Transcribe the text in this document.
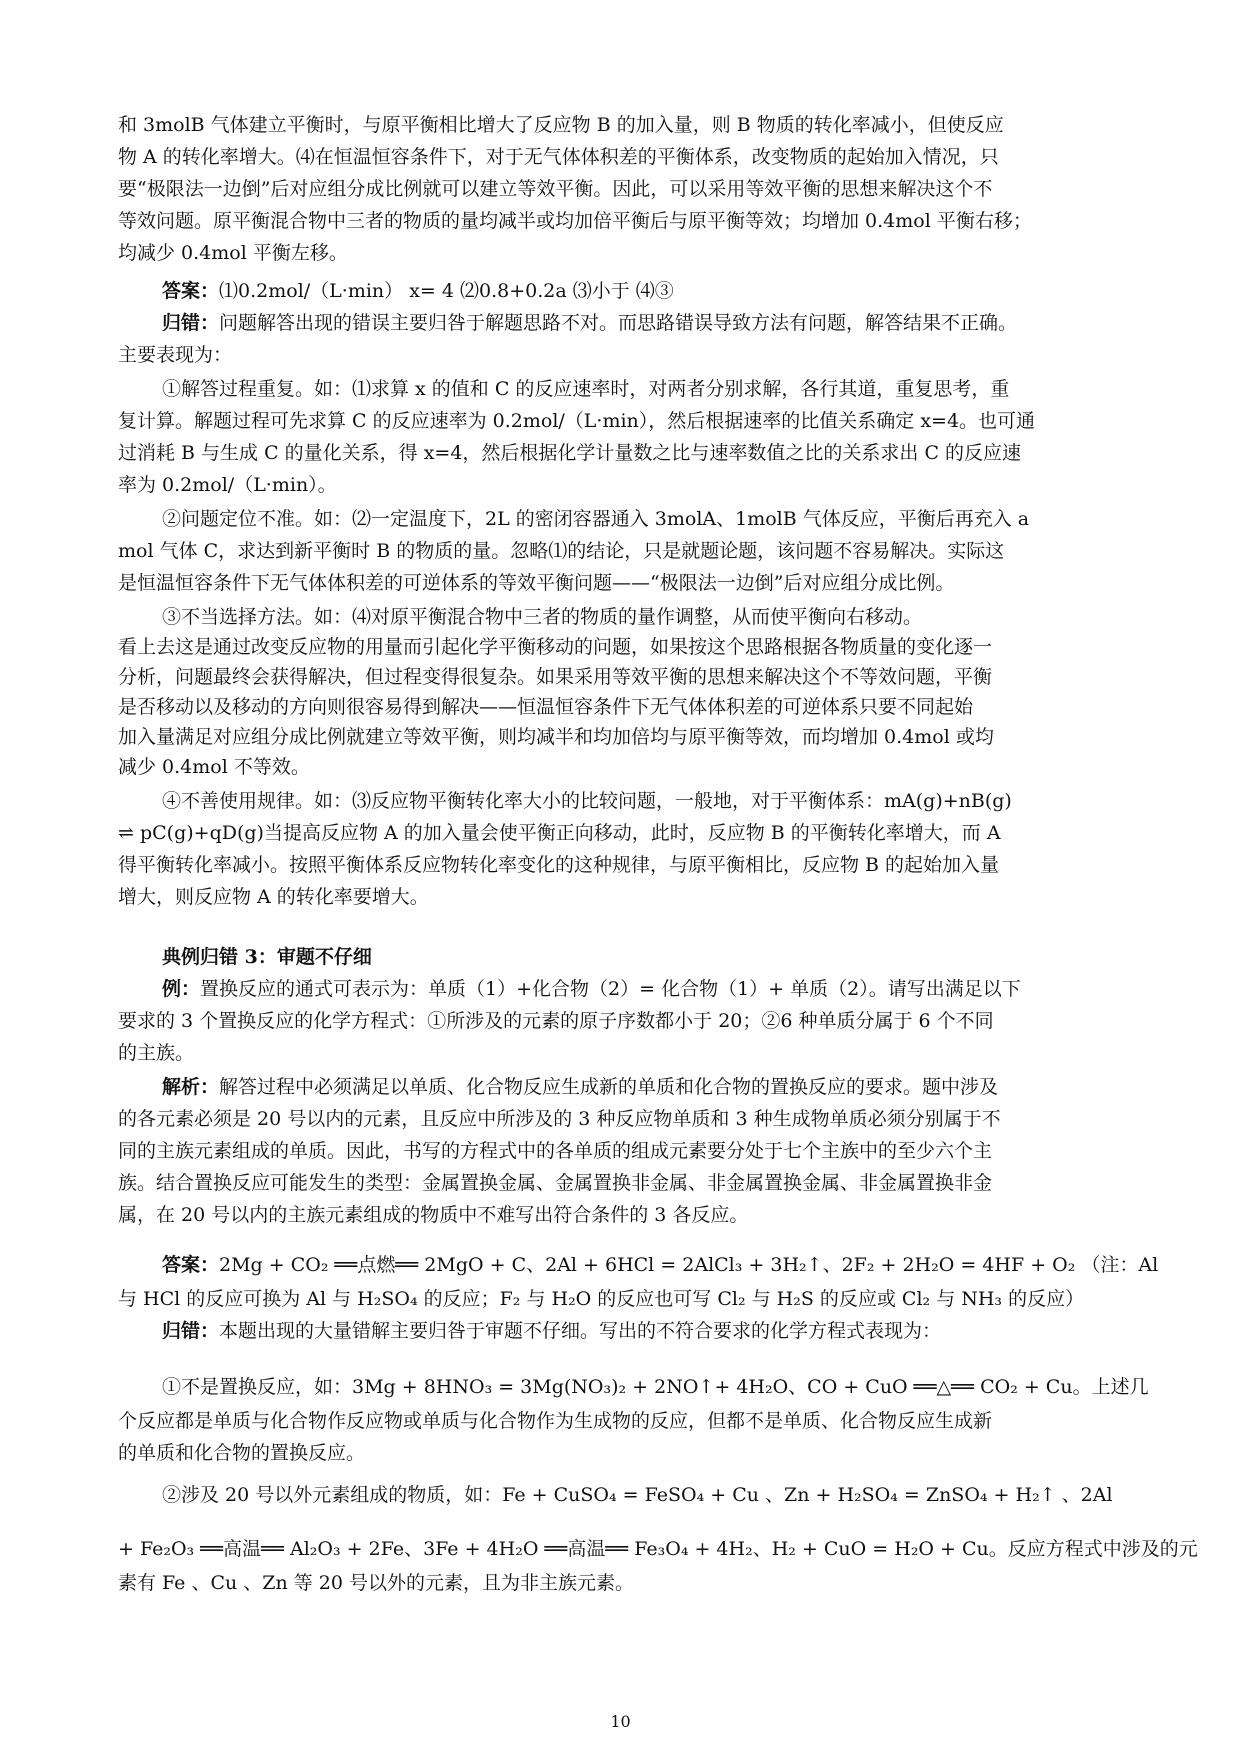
和 3molB 气体建立平衡时，与原平衡相比增大了反应物 B 的加入量，则 B 物质的转化率减小，但使反应
物 A 的转化率增大。⑷在恒温恒容条件下，对于无气体体积差的平衡体系，改变物质的起始加入情况，只
要“极限法一边倒”后对应组分成比例就可以建立等效平衡。因此，可以采用等效平衡的思想来解决这个不
等效问题。原平衡混合物中三者的物质的量均减半或均加倍平衡后与原平衡等效；均增加 0.4mol 平衡右移；
均减少 0.4mol 平衡左移。
答案：⑴0.2mol/（L·min） x= 4 ⑵0.8+0.2a ⑶小于 ⑷③
归错：问题解答出现的错误主要归咎于解题思路不对。而思路错误导致方法有问题，解答结果不正确。
主要表现为：
①解答过程重复。如：⑴求算 x 的值和 C 的反应速率时，对两者分别求解，各行其道，重复思考，重
复计算。解题过程可先求算 C 的反应速率为 0.2mol/（L·min），然后根据速率的比值关系确定 x=4。也可通
过消耗 B 与生成 C 的量化关系，得 x=4，然后根据化学计量数之比与速率数值之比的关系求出 C 的反应速
率为 0.2mol/（L·min）。
②问题定位不准。如：⑵一定温度下，2L 的密闭容器通入 3molA、1molB 气体反应，平衡后再充入 a
mol 气体 C，求达到新平衡时 B 的物质的量。忽略⑴的结论，只是就题论题，该问题不容易解决。实际这
是恒温恒容条件下无气体体积差的可逆体系的等效平衡问题——“极限法一边倒”后对应组分成比例。
③不当选择方法。如：⑷对原平衡混合物中三者的物质的量作调整，从而使平衡向右移动。
看上去这是通过改变反应物的用量而引起化学平衡移动的问题，如果按这个思路根据各物质量的变化逐一
分析，问题最终会获得解决，但过程变得很复杂。如果采用等效平衡的思想来解决这个不等效问题，平衡
是否移动以及移动的方向则很容易得到解决——恒温恒容条件下无气体体积差的可逆体系只要不同起始
加入量满足对应组分成比例就建立等效平衡，则均减半和均加倍均与原平衡等效，而均增加 0.4mol 或均
减少 0.4mol 不等效。
④不善使用规律。如：⑶反应物平衡转化率大小的比较问题，一般地，对于平衡体系：mA(g)+nB(g)
⇌ pC(g)+qD(g)当提高反应物 A 的加入量会使平衡正向移动，此时，反应物 B 的平衡转化率增大，而 A
得平衡转化率减小。按照平衡体系反应物转化率变化的这种规律，与原平衡相比，反应物 B 的起始加入量
增大，则反应物 A 的转化率要增大。
典例归错 3：审题不仔细
例：置换反应的通式可表示为：单质（1）+化合物（2）= 化合物（1）+ 单质（2）。请写出满足以下
要求的 3 个置换反应的化学方程式：①所涉及的元素的原子序数都小于 20；②6 种单质分属于 6 个不同
的主族。
解析：解答过程中必须满足以单质、化合物反应生成新的单质和化合物的置换反应的要求。题中涉及
的各元素必须是 20 号以内的元素，且反应中所涉及的 3 种反应物单质和 3 种生成物单质必须分别属于不
同的主族元素组成的单质。因此，书写的方程式中的各单质的组成元素要分处于七个主族中的至少六个主
族。结合置换反应可能发生的类型：金属置换金属、金属置换非金属、非金属置换金属、非金属置换非金
属，在 20 号以内的主族元素组成的物质中不难写出符合条件的 3 各反应。
答案：2Mg + CO₂ ══点燃══ 2MgO + C、2Al + 6HCl = 2AlCl₃ + 3H₂↑、2F₂ + 2H₂O = 4HF + O₂ （注：Al
与 HCl 的反应可换为 Al 与 H₂SO₄ 的反应；F₂ 与 H₂O 的反应也可写 Cl₂ 与 H₂S 的反应或 Cl₂ 与 NH₃ 的反应）
归错：本题出现的大量错解主要归咎于审题不仔细。写出的不符合要求的化学方程式表现为：
①不是置换反应，如：3Mg + 8HNO₃ = 3Mg(NO₃)₂ + 2NO↑+ 4H₂O、CO + CuO ══△══ CO₂ + Cu。上述几
个反应都是单质与化合物作反应物或单质与化合物作为生成物的反应，但都不是单质、化合物反应生成新
的单质和化合物的置换反应。
②涉及 20 号以外元素组成的物质，如：Fe + CuSO₄ = FeSO₄ + Cu 、Zn + H₂SO₄ = ZnSO₄ + H₂↑ 、2Al
+ Fe₂O₃ ══高温══ Al₂O₃ + 2Fe、3Fe + 4H₂O ══高温══ Fe₃O₄ + 4H₂、H₂ + CuO = H₂O + Cu。反应方程式中涉及的元
素有 Fe 、Cu 、Zn 等 20 号以外的元素，且为非主族元素。
10
